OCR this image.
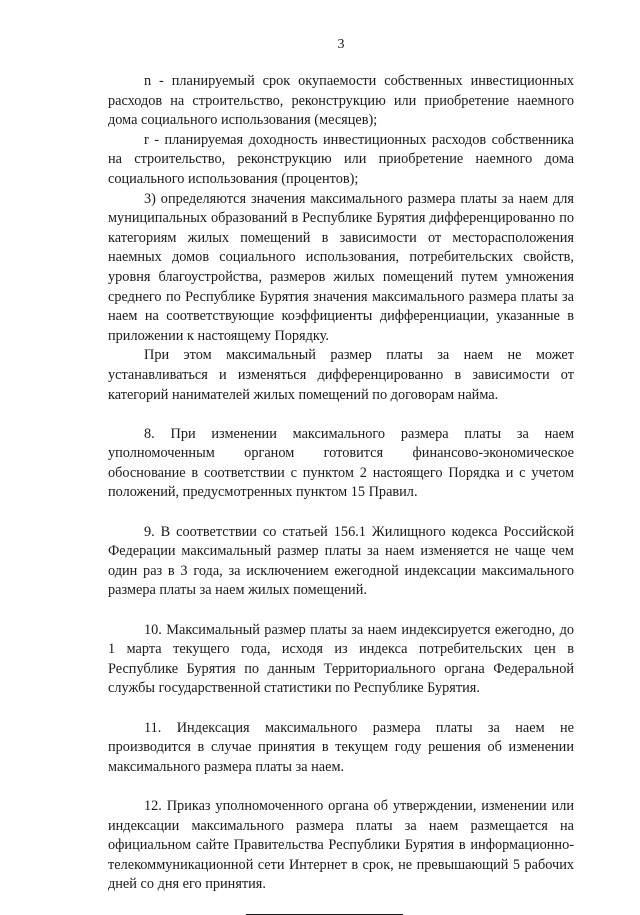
3

n - планируемый срок окупаемости собственных инвестиционных расходов на строительство, реконструкцию или приобретение наемного дома социального использования (месяцев);

r - планируемая доходность инвестиционных расходов собственника на строительство, реконструкцию или приобретение наемного дома социального использования (процентов);

3) определяются значения максимального размера платы за наем для муниципальных образований в Республике Бурятия дифференцированно по категориям жилых помещений в зависимости от месторасположения наемных домов социального использования, потребительских свойств, уровня благоустройства, размеров жилых помещений путем умножения среднего по Республике Бурятия значения максимального размера платы за наем на соответствующие коэффициенты дифференциации, указанные в приложении к настоящему Порядку.

При этом максимальный размер платы за наем не может устанавливаться и изменяться дифференцированно в зависимости от категорий нанимателей жилых помещений по договорам найма.

8. При изменении максимального размера платы за наем уполномоченным органом готовится финансово-экономическое обоснование в соответствии с пунктом 2 настоящего Порядка и с учетом положений, предусмотренных пунктом 15 Правил.

9. В соответствии со статьей 156.1 Жилищного кодекса Российской Федерации максимальный размер платы за наем изменяется не чаще чем один раз в 3 года, за исключением ежегодной индексации максимального размера платы за наем жилых помещений.

10. Максимальный размер платы за наем индексируется ежегодно, до 1 марта текущего года, исходя из индекса потребительских цен в Республике Бурятия по данным Территориального органа Федеральной службы государственной статистики по Республике Бурятия.

11. Индексация максимального размера платы за наем не производится в случае принятия в текущем году решения об изменении максимального размера платы за наем.

12. Приказ уполномоченного органа об утверждении, изменении или индексации максимального размера платы за наем размещается на официальном сайте Правительства Республики Бурятия в информационно-телекоммуникационной сети Интернет в срок, не превышающий 5 рабочих дней со дня его принятия.
